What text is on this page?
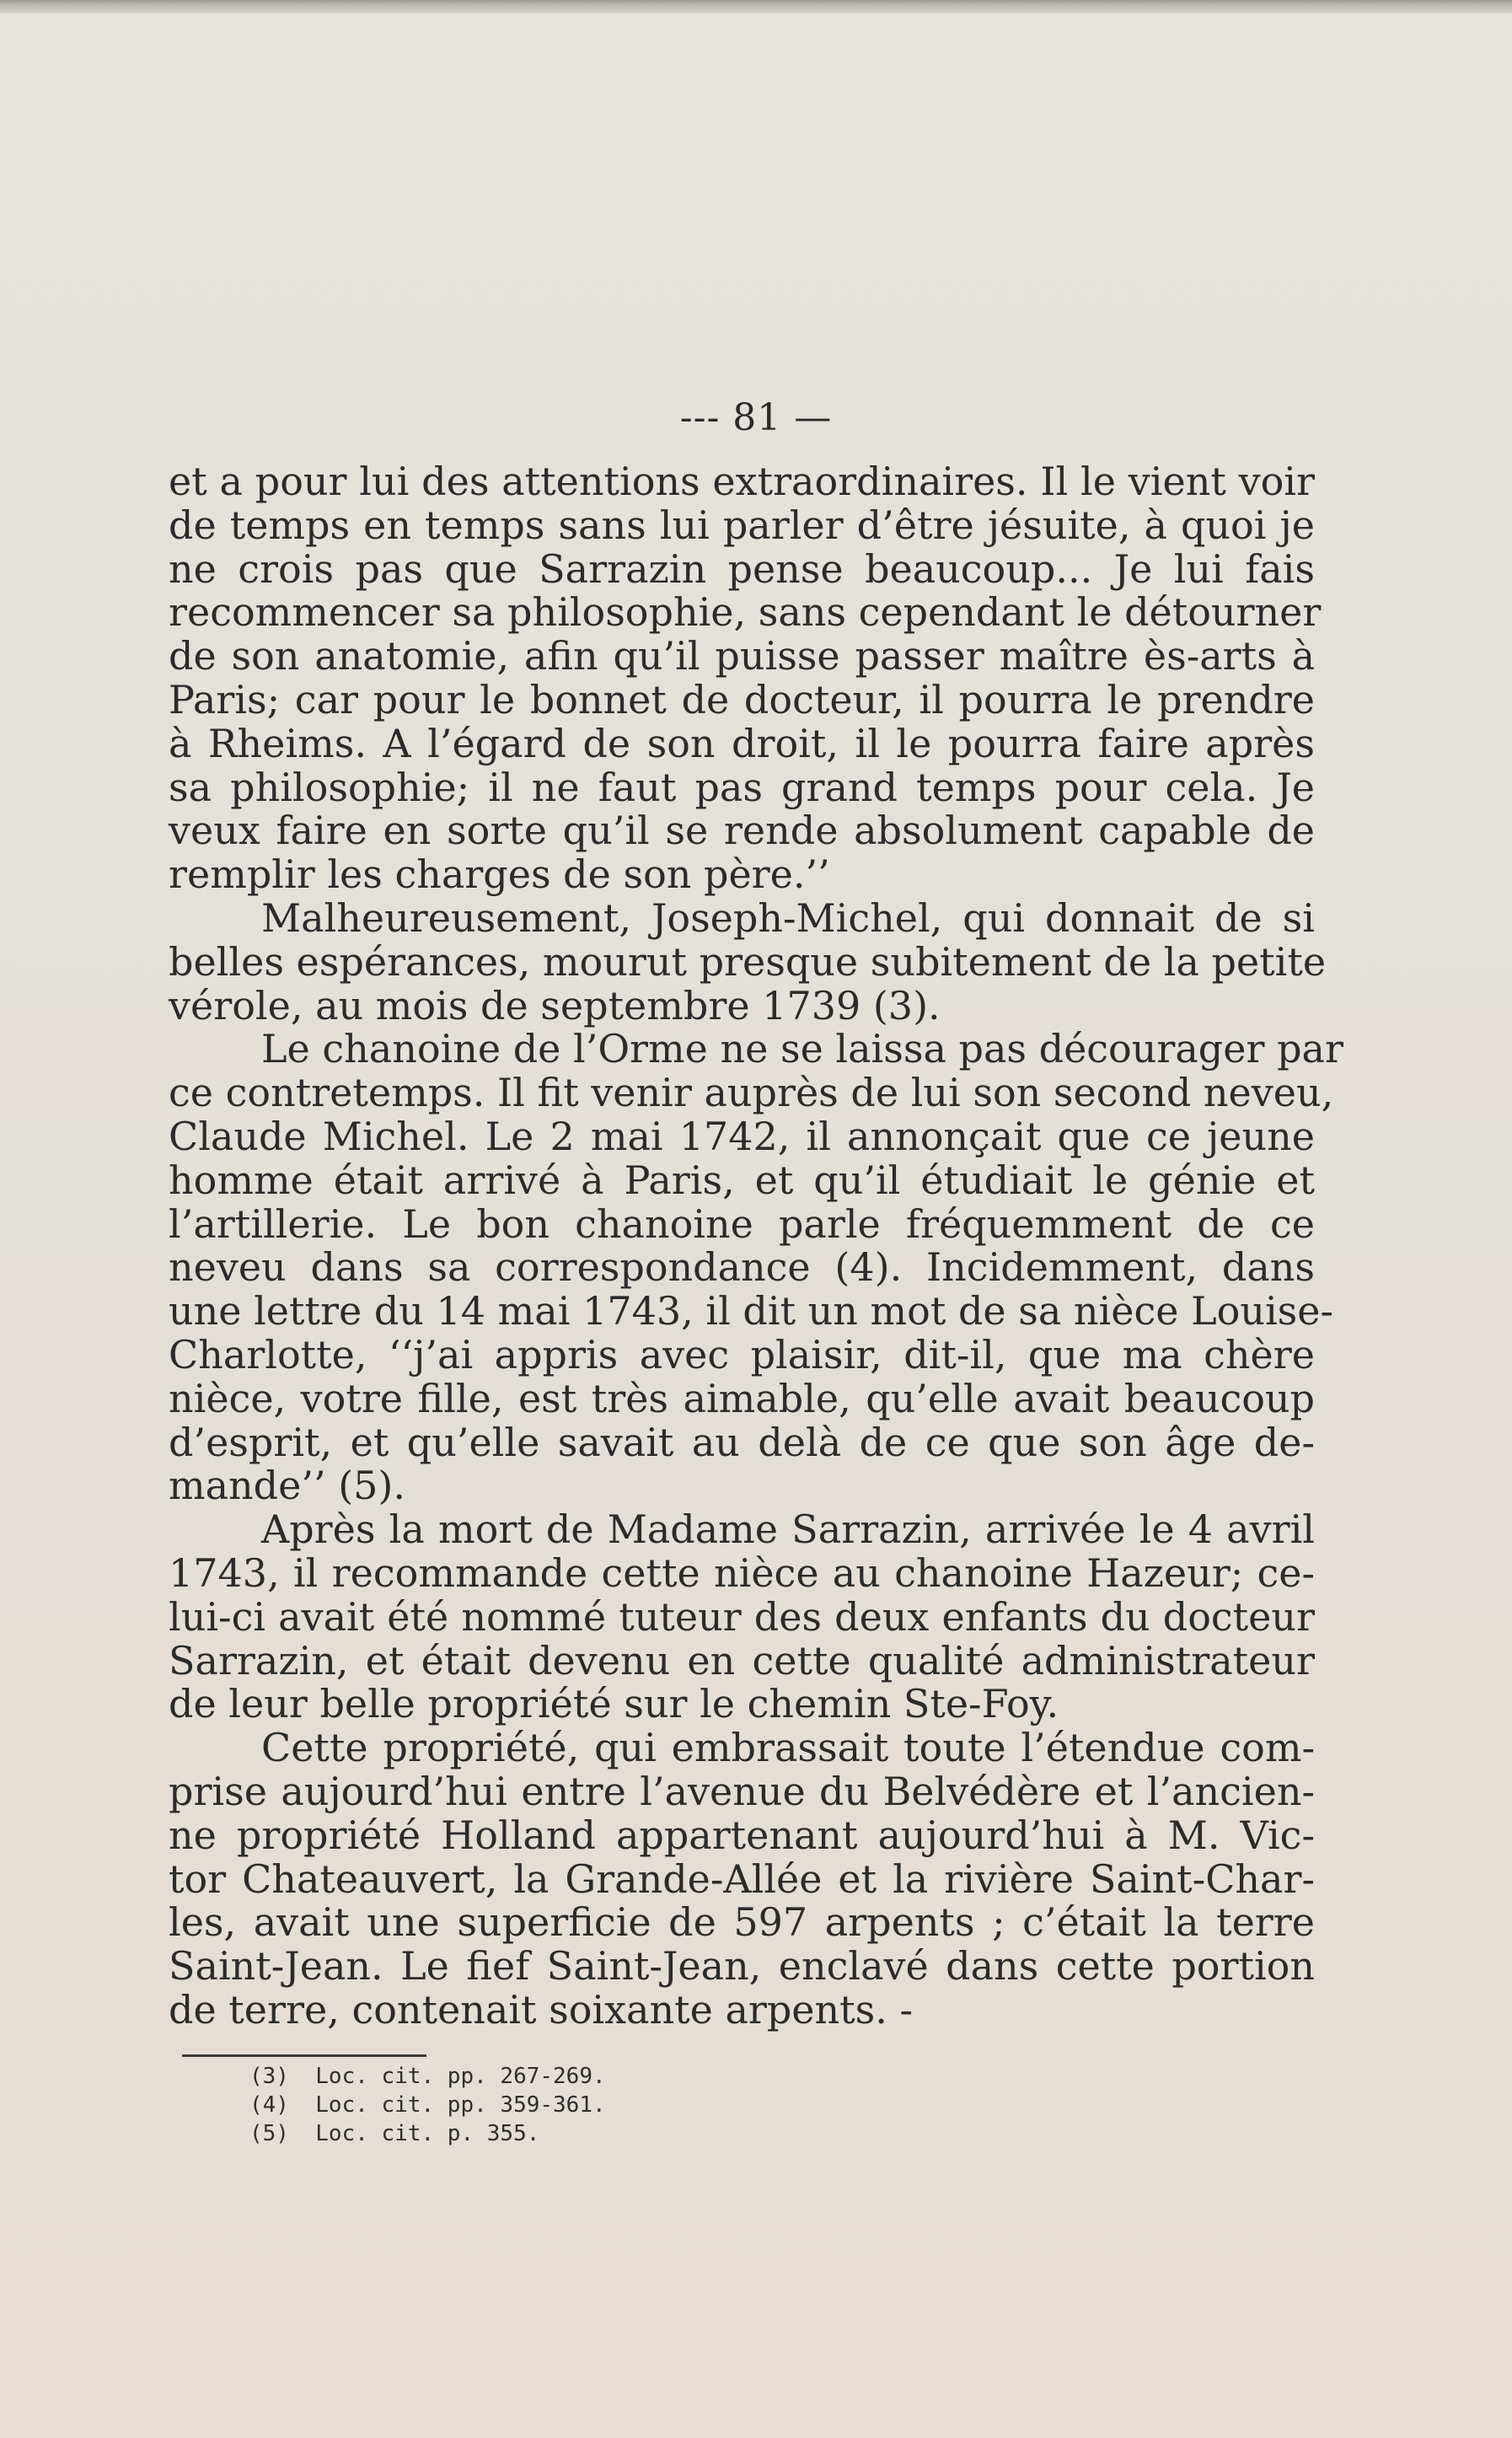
--- 81 —
et a pour lui des attentions extraordinaires. Il le vient voir
de temps en temps sans lui parler d’être jésuite, à quoi je
ne crois pas que Sarrazin pense beaucoup... Je lui fais
recommencer sa philosophie, sans cependant le détourner
de son anatomie, afin qu’il puisse passer maître ès-arts à
Paris; car pour le bonnet de docteur, il pourra le prendre
à Rheims. A l’égard de son droit, il le pourra faire après
sa philosophie; il ne faut pas grand temps pour cela. Je
veux faire en sorte qu’il se rende absolument capable de
remplir les charges de son père.’’
Malheureusement, Joseph-Michel, qui donnait de si
belles espérances, mourut presque subitement de la petite
vérole, au mois de septembre 1739 (3).
Le chanoine de l’Orme ne se laissa pas décourager par
ce contretemps. Il fit venir auprès de lui son second neveu,
Claude Michel. Le 2 mai 1742, il annonçait que ce jeune
homme était arrivé à Paris, et qu’il étudiait le génie et
l’artillerie. Le bon chanoine parle fréquemment de ce
neveu dans sa correspondance (4). Incidemment, dans
une lettre du 14 mai 1743, il dit un mot de sa nièce Louise-
Charlotte, ‘‘j’ai appris avec plaisir, dit-il, que ma chère
nièce, votre fille, est très aimable, qu’elle avait beaucoup
d’esprit, et qu’elle savait au delà de ce que son âge de-
mande’’ (5).
Après la mort de Madame Sarrazin, arrivée le 4 avril
1743, il recommande cette nièce au chanoine Hazeur; ce-
lui-ci avait été nommé tuteur des deux enfants du docteur
Sarrazin, et était devenu en cette qualité administrateur
de leur belle propriété sur le chemin Ste-Foy.
Cette propriété, qui embrassait toute l’étendue com-
prise aujourd’hui entre l’avenue du Belvédère et l’ancien-
ne propriété Holland appartenant aujourd’hui à M. Vic-
tor Chateauvert, la Grande-Allée et la rivière Saint-Char-
les, avait une superficie de 597 arpents ; c’était la terre
Saint-Jean. Le fief Saint-Jean, enclavé dans cette portion
de terre, contenait soixante arpents. -
(3)  Loc. cit. pp. 267-269.
(4)  Loc. cit. pp. 359-361.
(5)  Loc. cit. p. 355.
